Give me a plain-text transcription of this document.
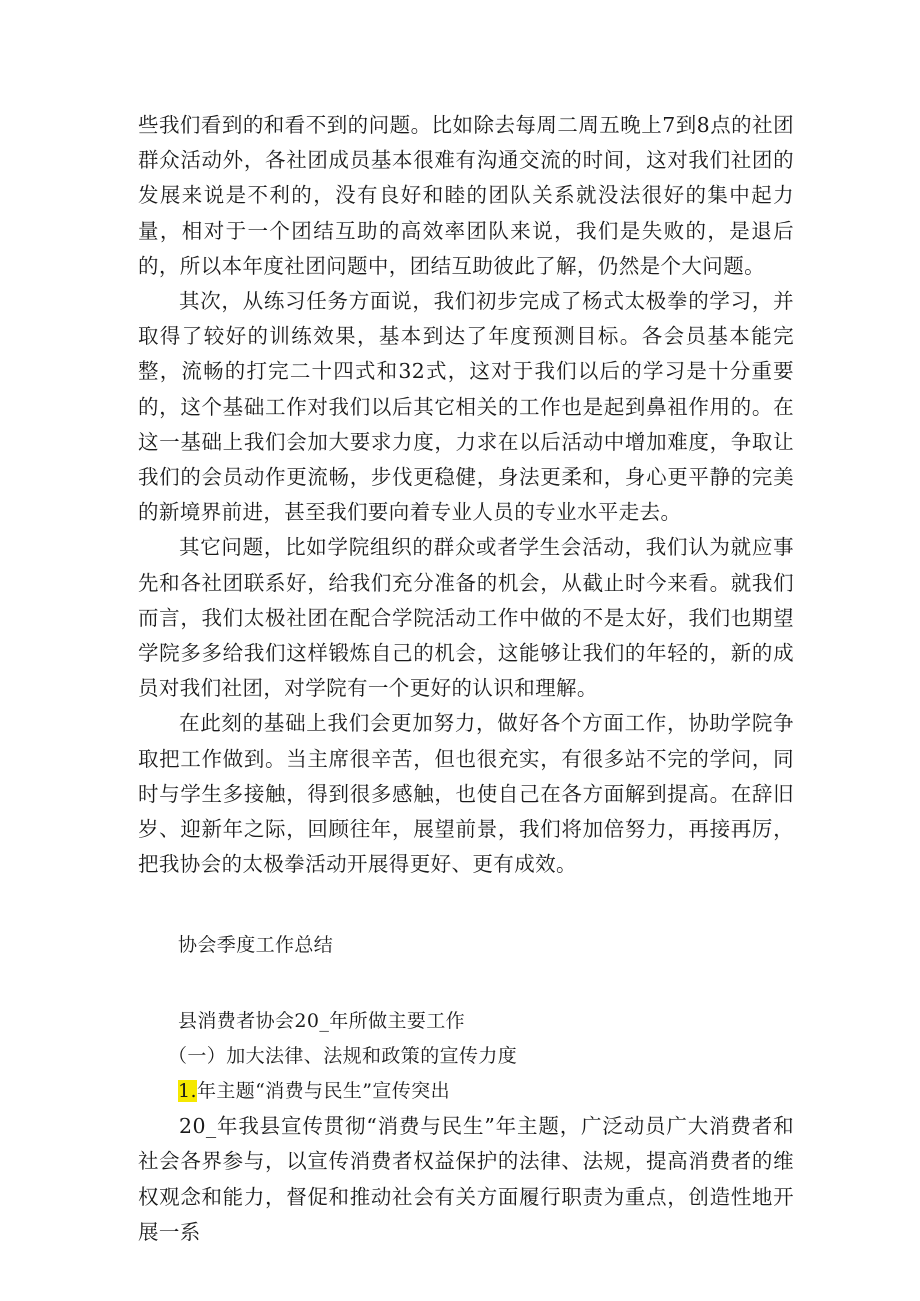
些我们看到的和看不到的问题。比如除去每周二周五晚上7到8点的社团群众活动外，各社团成员基本很难有沟通交流的时间，这对我们社团的发展来说是不利的，没有良好和睦的团队关系就没法很好的集中起力量，相对于一个团结互助的高效率团队来说，我们是失败的，是退后的，所以本年度社团问题中，团结互助彼此了解，仍然是个大问题。

其次，从练习任务方面说，我们初步完成了杨式太极拳的学习，并取得了较好的训练效果，基本到达了年度预测目标。各会员基本能完整，流畅的打完二十四式和32式，这对于我们以后的学习是十分重要的，这个基础工作对我们以后其它相关的工作也是起到鼻祖作用的。在这一基础上我们会加大要求力度，力求在以后活动中增加难度，争取让我们的会员动作更流畅，步伐更稳健，身法更柔和，身心更平静的完美的新境界前进，甚至我们要向着专业人员的专业水平走去。

其它问题，比如学院组织的群众或者学生会活动，我们认为就应事先和各社团联系好，给我们充分准备的机会，从截止时今来看。就我们而言，我们太极社团在配合学院活动工作中做的不是太好，我们也期望学院多多给我们这样锻炼自己的机会，这能够让我们的年轻的，新的成员对我们社团，对学院有一个更好的认识和理解。

在此刻的基础上我们会更加努力，做好各个方面工作，协助学院争取把工作做到。当主席很辛苦，但也很充实，有很多站不完的学问，同时与学生多接触，得到很多感触，也使自己在各方面解到提高。在辞旧岁、迎新年之际，回顾往年，展望前景，我们将加倍努力，再接再厉，把我协会的太极拳活动开展得更好、更有成效。

协会季度工作总结

县消费者协会20_年所做主要工作

（一）加大法律、法规和政策的宣传力度

1.年主题“消费与民生”宣传突出

20_年我县宣传贯彻“消费与民生”年主题，广泛动员广大消费者和社会各界参与，以宣传消费者权益保护的法律、法规，提高消费者的维权观念和能力，督促和推动社会有关方面履行职责为重点，创造性地开展一系
